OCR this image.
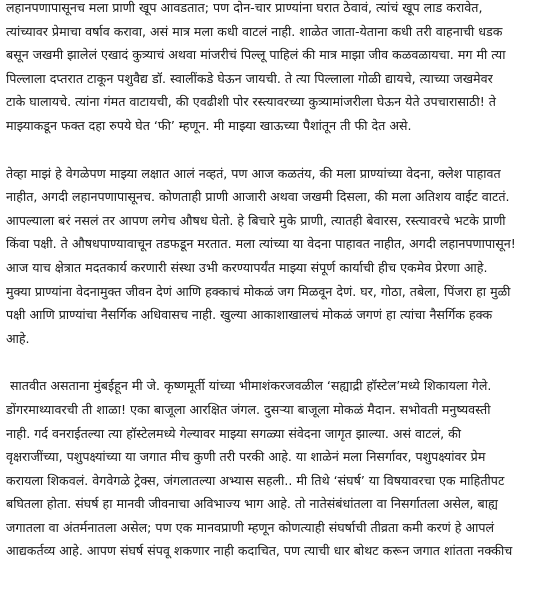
लहानपणापासूनच मला प्राणी खूप आवडतात; पण दोन-चार प्राण्यांना घरात ठेवावं, त्यांचं खूप लाड करावेत,
त्यांच्यावर प्रेमाचा वर्षाव करावा, असं मात्र मला कधी वाटलं नाही. शाळेत जाता-येताना कधी तरी वाहनाची धडक
बसून जखमी झालेलं एखादं कुत्र्याचं अथवा मांजरीचं पिल्लू पाहिलं की मात्र माझा जीव कळवळायचा. मग मी त्या
पिल्लाला दप्तरात टाकून पशुवैद्य डॉ. स्वालींकडे घेऊन जायची. ते त्या पिल्लाला गोळी द्यायचे, त्याच्या जखमेवर
टाके घालायचे. त्यांना गंमत वाटायची, की एवढीशी पोर रस्त्यावरच्या कुत्र्यामांजरीला घेऊन येते उपचारासाठी! ते
माझ्याकडून फक्त दहा रुपये घेत ‘फी’ म्हणून. मी माझ्या खाऊच्या पैशांतून ती फी देत असे.
तेव्हा माझं हे वेगळेपण माझ्या लक्षात आलं नव्हतं, पण आज कळतंय, की मला प्राण्यांच्या वेदना, क्लेश पाहावत
नाहीत, अगदी लहानपणापासूनच. कोणताही प्राणी आजारी अथवा जखमी दिसला, की मला अतिशय वाईट वाटतं.
आपल्याला बरं नसलं तर आपण लगेच औषध घेतो. हे बिचारे मुके प्राणी, त्यातही बेवारस, रस्त्यावरचे भटके प्राणी
किंवा पक्षी. ते औषधपाण्यावाचून तडफडून मरतात. मला त्यांच्या या वेदना पाहावत नाहीत, अगदी लहानपणापासून!
आज याच क्षेत्रात मदतकार्य करणारी संस्था उभी करण्यापर्यंत माझ्या संपूर्ण कार्याची हीच एकमेव प्रेरणा आहे.
मुक्या प्राण्यांना वेदनामुक्त जीवन देणं आणि हक्काचं मोकळं जग मिळवून देणं. घर, गोठा, तबेला, पिंजरा हा मुळी
पक्षी आणि प्राण्यांचा नैसर्गिक अधिवासच नाही. खुल्या आकाशाखालचं मोकळं जगणं हा त्यांचा नैसर्गिक हक्क
आहे.
सातवीत असताना मुंबईहून मी जे. कृष्णमूर्ती यांच्या भीमाशंकरजवळील ‘सह्याद्री हॉस्टेल’मध्ये शिकायला गेले.
डोंगरमाथ्यावरची ती शाळा! एका बाजूला आरक्षित जंगल. दुसऱ्या बाजूला मोकळं मैदान. सभोवती मनुष्यवस्ती
नाही. गर्द वनराईतल्या त्या हॉस्टेलमध्ये गेल्यावर माझ्या सगळ्या संवेदना जागृत झाल्या. असं वाटलं, की
वृक्षराजींच्या, पशुपक्ष्यांच्या या जगात मीच कुणी तरी परकी आहे. या शाळेनं मला निसर्गावर, पशुपक्ष्यांवर प्रेम
करायला शिकवलं. वेगवेगळे ट्रेक्स, जंगलातल्या अभ्यास सहली.. मी तिथे ‘संघर्ष’ या विषयावरचा एक माहितीपट
बघितला होता. संघर्ष हा मानवी जीवनाचा अविभाज्य भाग आहे. तो नातेसंबंधांतला वा निसर्गातला असेल, बाह्य
जगातला वा अंतर्मनातला असेल; पण एक मानवप्राणी म्हणून कोणत्याही संघर्षाची तीव्रता कमी करणं हे आपलं
आद्यकर्तव्य आहे. आपण संघर्ष संपवू शकणार नाही कदाचित, पण त्याची धार बोथट करून जगात शांतता नक्कीच
